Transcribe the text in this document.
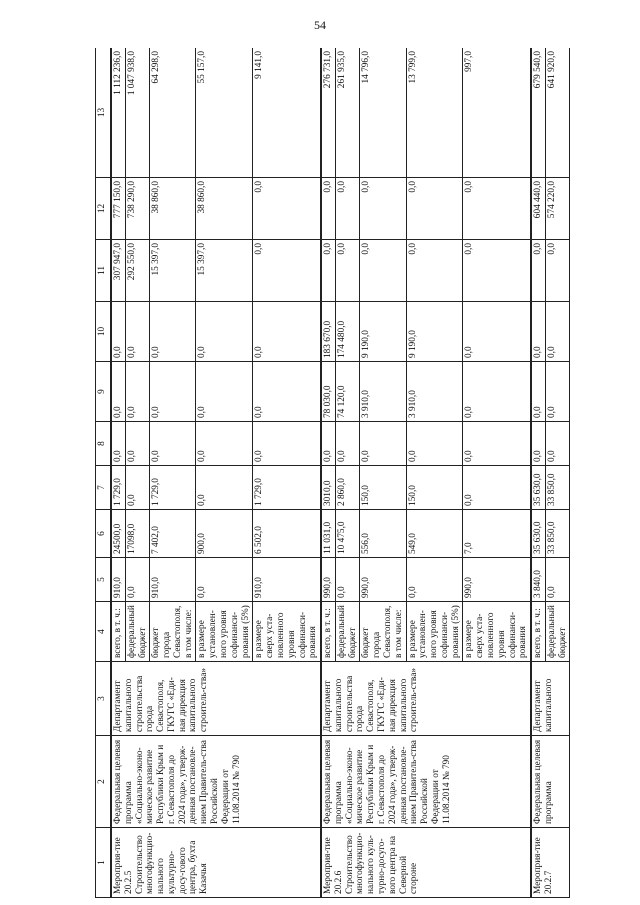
54
1	2	3	4	5	6	7	8	9	10	11	12	13
Мероприя-тие 20.2.5 Строительство многофункцио-нального культурно-досу-гового центра, бухта Казачья	Федеральная целевая программа «Социально-эконо-мическое развитие Республики Крым и г. Севастополя до 2024 года», утверж-денная постановле-нием Правитель-ства Российской Федерации от 11.08.2014 № 790	Департамент капитального строительства города Севастополя, ГКУГС «Еди-ная дирекция капитального строитель-ства»	всего, в т. ч.:	910,0	24500,0	1 729,0	0,0	0,0	0,0	307 947,0	777 150,0	1 112 236,0
			федеральный бюджет	0,0	17098,0	0,0	0,0	0,0	0,0	292 550,0	738 290,0	1 047 938,0
			бюджет города Севастополя, в том числе:	910,0	7 402,0	1 729,0	0,0	0,0	0,0	15 397,0	38 860,0	64 298,0
			в размере установлен-ного уровня софинанси-рования (5%)	0,0	900,0	0,0	0,0	0,0	0,0	15 397,0	38 860,0	55 157,0
			в размере сверх уста-новленного уровня софинанси-рования	910,0	6 502,0	1 729,0	0,0	0,0	0,0	0,0	0,0	9 141,0
Мероприя-тие 20.2.6 Строительство многофункцио-нального куль-турно-досуго-вого центра на Северной стороне	Федеральная целевая программа «Социально-эконо-мическое развитие Республики Крым и г. Севастополя до 2024 года», утверж-денная постановле-нием Правитель-ства Российской Федерации от 11.08.2014 № 790	Департамент капитального строительства города Севастополя, ГКУГС «Еди-ная дирекция капитального строитель-ства»	всего, в т. ч.:	990,0	11 031,0	3010,0	0,0	78 030,0	183 670,0	0,0	0,0	276 731,0
			федеральный бюджет	0,0	10 475,0	2 860,0	0,0	74 120,0	174 480,0	0,0	0,0	261 935,0
			бюджет города Севастополя, в том числе:	990,0	556,0	150,0	0,0	3 910,0	9 190,0	0,0	0,0	14 796,0
			в размере установлен-ного уровня софинанси-рования (5%)	0,0	549,0	150,0	0,0	3 910,0	9 190,0	0,0	0,0	13 799,0
			в размере сверх уста-новленного уровня софинанси-рования	990,0	7,0	0,0	0,0	0,0	0,0	0,0	0,0	997,0
Мероприя-тие 20.2.7	Федеральная целевая программа	Департамент капитального	всего, в т. ч.:	3 840,0	35 630,0	35 630,0	0,0	0,0	0,0	0,0	604 440,0	679 540,0
			федеральный бюджет	0,0	33 850,0	33 850,0	0,0	0,0	0,0	0,0	574 220,0	641 920,0
